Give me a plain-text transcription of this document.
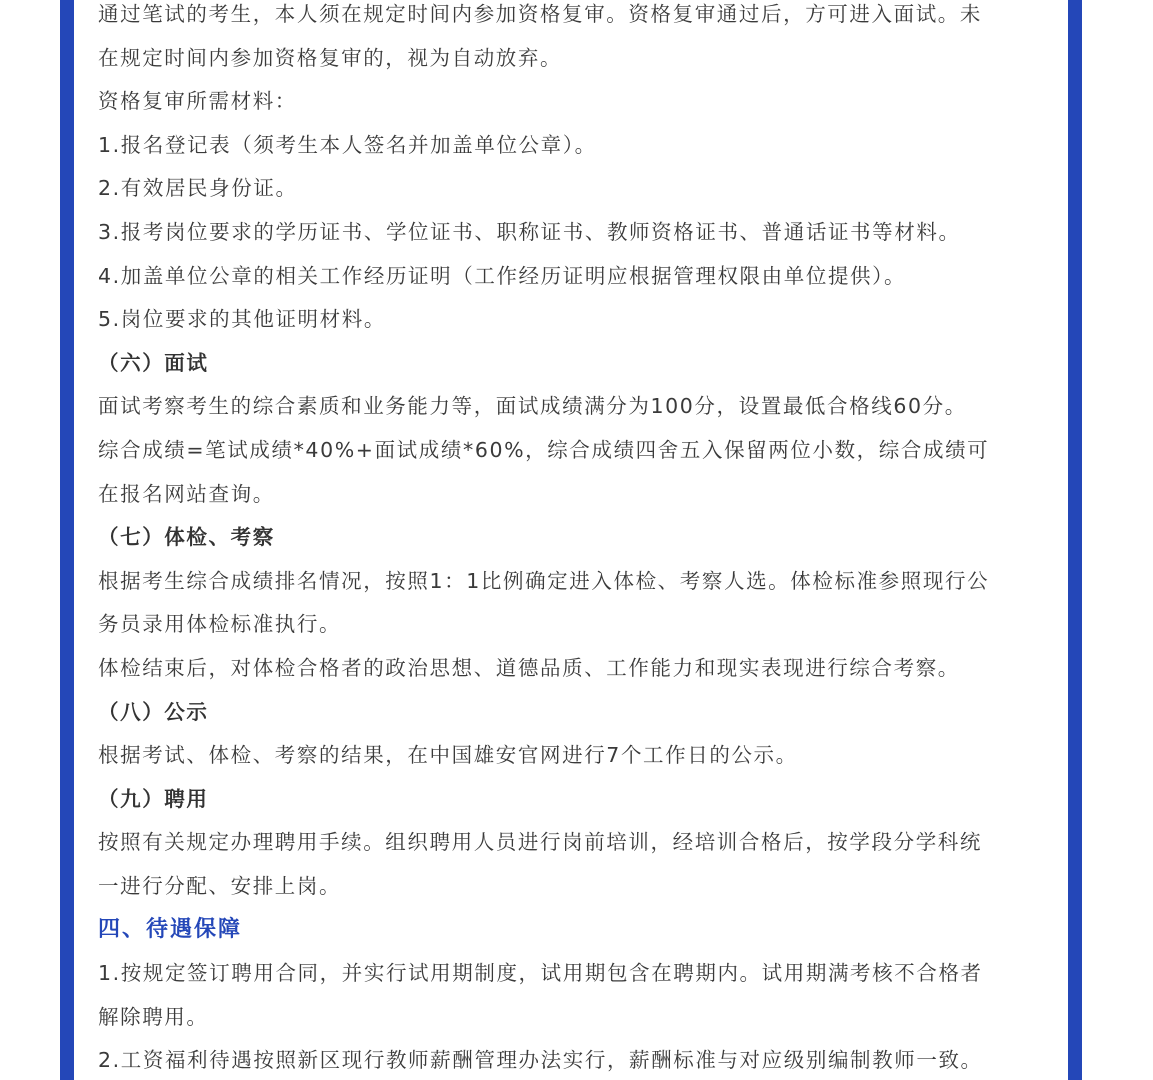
通过笔试的考生，本人须在规定时间内参加资格复审。资格复审通过后，方可进入面试。未

在规定时间内参加资格复审的，视为自动放弃。

资格复审所需材料：

1.报名登记表（须考生本人签名并加盖单位公章）。

2.有效居民身份证。

3.报考岗位要求的学历证书、学位证书、职称证书、教师资格证书、普通话证书等材料。

4.加盖单位公章的相关工作经历证明（工作经历证明应根据管理权限由单位提供）。

5.岗位要求的其他证明材料。

（六）面试

面试考察考生的综合素质和业务能力等，面试成绩满分为100分，设置最低合格线60分。

综合成绩=笔试成绩*40%+面试成绩*60%，综合成绩四舍五入保留两位小数，综合成绩可

在报名网站查询。

（七）体检、考察

根据考生综合成绩排名情况，按照1：1比例确定进入体检、考察人选。体检标准参照现行公

务员录用体检标准执行。

体检结束后，对体检合格者的政治思想、道德品质、工作能力和现实表现进行综合考察。

（八）公示

根据考试、体检、考察的结果，在中国雄安官网进行7个工作日的公示。

（九）聘用

按照有关规定办理聘用手续。组织聘用人员进行岗前培训，经培训合格后，按学段分学科统

一进行分配、安排上岗。

四、待遇保障

1.按规定签订聘用合同，并实行试用期制度，试用期包含在聘期内。试用期满考核不合格者

解除聘用。

2.工资福利待遇按照新区现行教师薪酬管理办法实行，薪酬标准与对应级别编制教师一致。
